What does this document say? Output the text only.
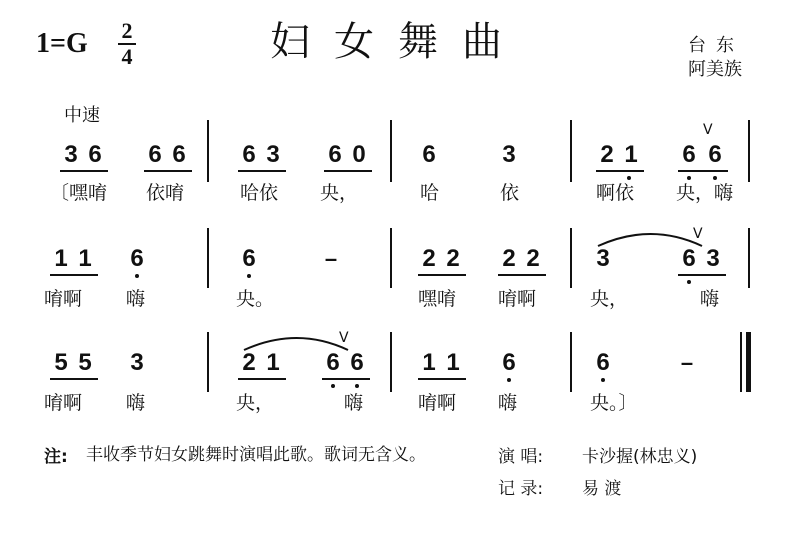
妇女舞曲
1=G 2
4	台东
阿美族
中速
3 6 6 6 6 3 6 0 6	3	2 1 6 6
V
〔嘿唷 依唷	哈依 央，	哈	依	啊依 央，嗨
1 1 6	6	–	2 2 2 2 3	6 3
V
唷啊 嗨	央。	嘿唷 唷啊	央，	嗨
5 5 3	2 1 6 6
V
1 1 6	6	–
唷啊 嗨	央，	嗨	唷啊 嗨	央。〕
注: 丰收季节妇女跳舞时演唱此歌。歌词无含义。	演 唱: 卡沙握(林忠义)
记 录: 易 渡
